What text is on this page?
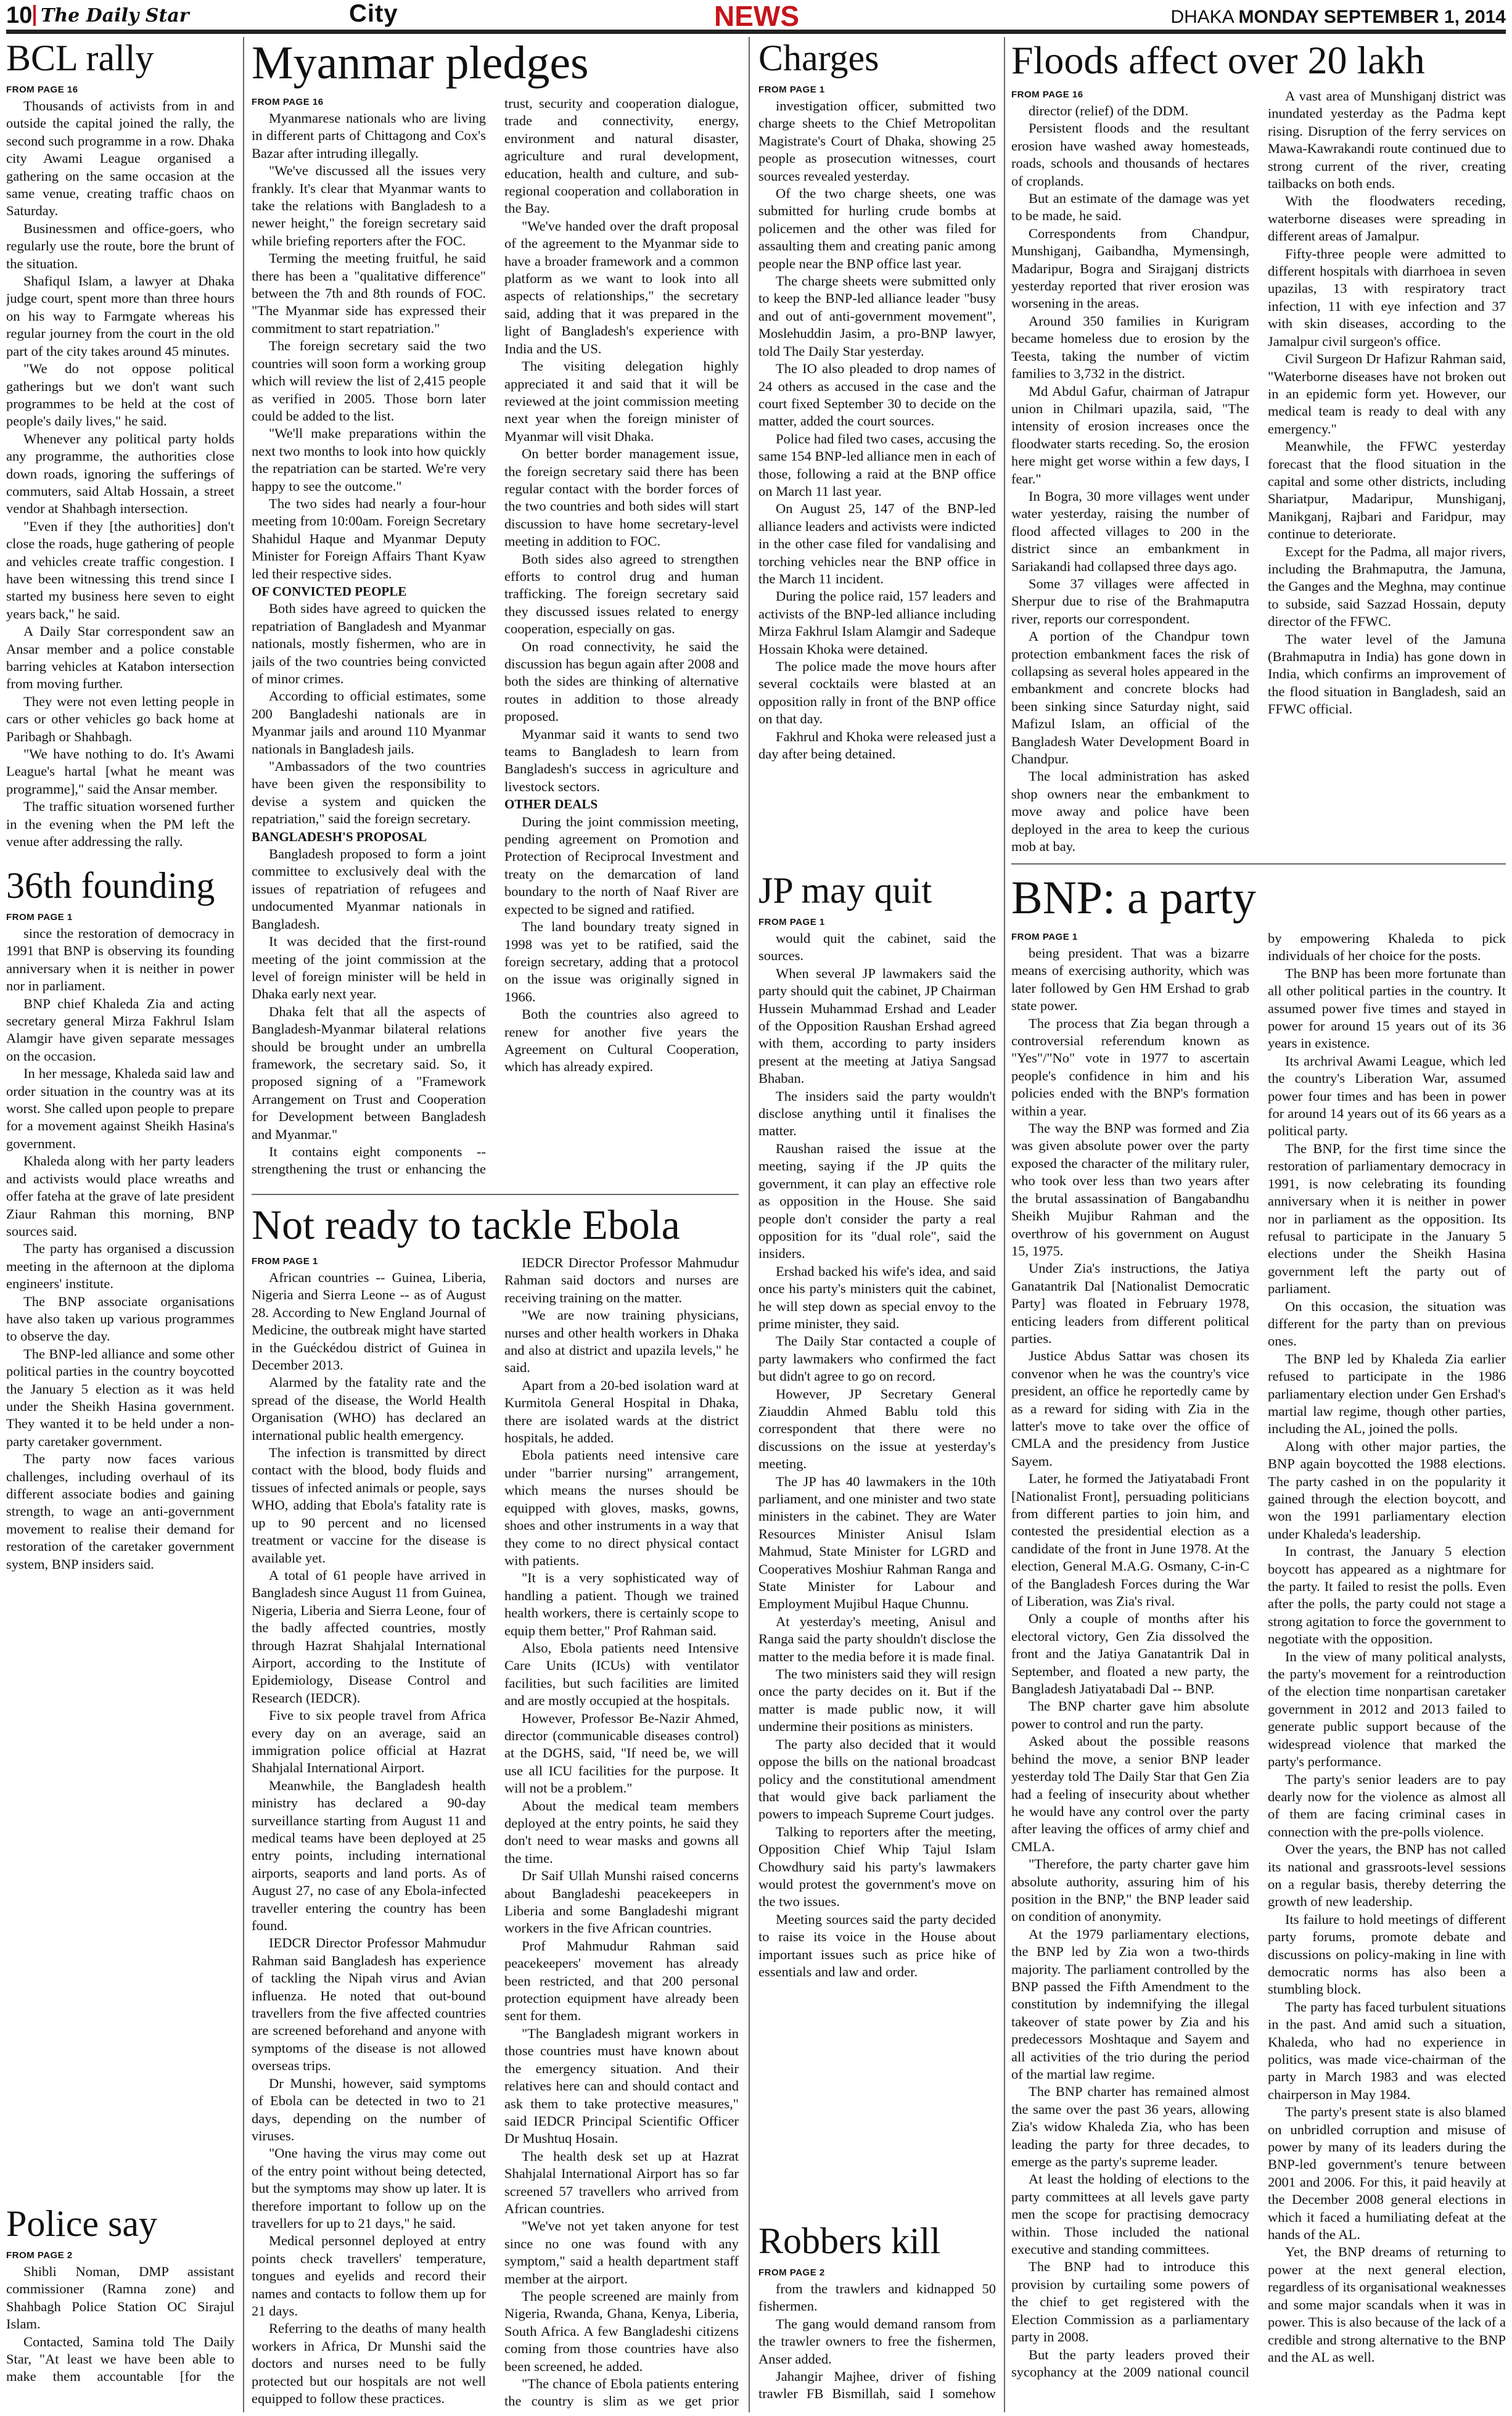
10 The Daily Star	City	NEWS	DHAKA MONDAY SEPTEMBER 1, 2014
BCL rally

FROM PAGE 16

Thousands of activists from in and outside the capital joined the rally, the second such programme in a row. Dhaka city Awami League organised a gathering on the same occasion at the same venue, creating traffic chaos on Saturday.

Businessmen and office-goers, who regularly use the route, bore the brunt of the situation.

Shafiqul Islam, a lawyer at Dhaka judge court, spent more than three hours on his way to Farmgate whereas his regular journey from the court in the old part of the city takes around 45 minutes.

"We do not oppose political gatherings but we don't want such programmes to be held at the cost of people's daily lives," he said.

Whenever any political party holds any programme, the authorities close down roads, ignoring the sufferings of commuters, said Altab Hossain, a street vendor at Shahbagh intersection.

"Even if they [the authorities] don't close the roads, huge gathering of people and vehicles create traffic congestion. I have been witnessing this trend since I started my business here seven to eight years back," he said.

A Daily Star correspondent saw an Ansar member and a police constable barring vehicles at Katabon intersection from moving further.

They were not even letting people in cars or other vehicles go back home at Paribagh or Shahbagh.

"We have nothing to do. It's Awami League's hartal [what he meant was programme]," said the Ansar member.

The traffic situation worsened further in the evening when the PM left the venue after addressing the rally.

36th founding

FROM PAGE 1

since the restoration of democracy in 1991 that BNP is observing its founding anniversary when it is neither in power nor in parliament.

BNP chief Khaleda Zia and acting secretary general Mirza Fakhrul Islam Alamgir have given separate messages on the occasion.

In her message, Khaleda said law and order situation in the country was at its worst. She called upon people to prepare for a movement against Sheikh Hasina's government.

Khaleda along with her party leaders and activists would place wreaths and offer fateha at the grave of late president Ziaur Rahman this morning, BNP sources said.

The party has organised a discussion meeting in the afternoon at the diploma engineers' institute.

The BNP associate organisations have also taken up various programmes to observe the day.

The BNP-led alliance and some other political parties in the country boycotted the January 5 election as it was held under the Sheikh Hasina government. They wanted it to be held under a non-party caretaker government.

The party now faces various challenges, including overhaul of its different associate bodies and gaining strength, to wage an anti-government movement to realise their demand for restoration of the caretaker government system, BNP insiders said.

Police say

FROM PAGE 2

Shibli Noman, DMP assistant commissioner (Ramna zone) and Shahbagh Police Station OC Sirajul Islam.

Contacted, Samina told The Daily Star, "At least we have been able to make them accountable [for the

Myanmar pledges

FROM PAGE 16

Myanmarese nationals who are living in different parts of Chittagong and Cox's Bazar after intruding illegally.

"We've discussed all the issues very frankly. It's clear that Myanmar wants to take the relations with Bangladesh to a newer height," the foreign secretary said while briefing reporters after the FOC.

Terming the meeting fruitful, he said there has been a "qualitative difference" between the 7th and 8th rounds of FOC. "The Myanmar side has expressed their commitment to start repatriation."

The foreign secretary said the two countries will soon form a working group which will review the list of 2,415 people as verified in 2005. Those born later could be added to the list.

"We'll make preparations within the next two months to look into how quickly the repatriation can be started. We're very happy to see the outcome."

The two sides had nearly a four-hour meeting from 10:00am. Foreign Secretary Shahidul Haque and Myanmar Deputy Minister for Foreign Affairs Thant Kyaw led their respective sides.

OF CONVICTED PEOPLE

Both sides have agreed to quicken the repatriation of Bangladesh and Myanmar nationals, mostly fishermen, who are in jails of the two countries being convicted of minor crimes.

According to official estimates, some 200 Bangladeshi nationals are in Myanmar jails and around 110 Myanmar nationals in Bangladesh jails.

"Ambassadors of the two countries have been given the responsibility to devise a system and quicken the repatriation," said the foreign secretary.

BANGLADESH'S PROPOSAL

Bangladesh proposed to form a joint committee to exclusively deal with the issues of repatriation of refugees and undocumented Myanmar nationals in Bangladesh.

It was decided that the first-round meeting of the joint commission at the level of foreign minister will be held in Dhaka early next year.

Dhaka felt that all the aspects of Bangladesh-Myanmar bilateral relations should be brought under an umbrella framework, the secretary said. So, it proposed signing of a "Framework Arrangement on Trust and Cooperation for Development between Bangladesh and Myanmar."

It contains eight components -- strengthening the trust or enhancing the trust, security and cooperation dialogue, trade and connectivity, energy, environment and natural disaster, agriculture and rural development, education, health and culture, and sub-regional cooperation and collaboration in the Bay.

"We've handed over the draft proposal of the agreement to the Myanmar side to have a broader framework and a common platform as we want to look into all aspects of relationships," the secretary said, adding that it was prepared in the light of Bangladesh's experience with India and the US.

The visiting delegation highly appreciated it and said that it will be reviewed at the joint commission meeting next year when the foreign minister of Myanmar will visit Dhaka.

On better border management issue, the foreign secretary said there has been regular contact with the border forces of the two countries and both sides will start discussion to have home secretary-level meeting in addition to FOC.

Both sides also agreed to strengthen efforts to control drug and human trafficking. The foreign secretary said they discussed issues related to energy cooperation, especially on gas.

On road connectivity, he said the discussion has begun again after 2008 and both the sides are thinking of alternative routes in addition to those already proposed.

Myanmar said it wants to send two teams to Bangladesh to learn from Bangladesh's success in agriculture and livestock sectors.

OTHER DEALS

During the joint commission meeting, pending agreement on Promotion and Protection of Reciprocal Investment and treaty on the demarcation of land boundary to the north of Naaf River are expected to be signed and ratified.

The land boundary treaty signed in 1998 was yet to be ratified, said the foreign secretary, adding that a protocol on the issue was originally signed in 1966.

Both the countries also agreed to renew for another five years the Agreement on Cultural Cooperation, which has already expired.

Not ready to tackle Ebola

FROM PAGE 1

African countries -- Guinea, Liberia, Nigeria and Sierra Leone -- as of August 28. According to New England Journal of Medicine, the outbreak might have started in the Guéckédou district of Guinea in December 2013.

Alarmed by the fatality rate and the spread of the disease, the World Health Organisation (WHO) has declared an international public health emergency.

The infection is transmitted by direct contact with the blood, body fluids and tissues of infected animals or people, says WHO, adding that Ebola's fatality rate is up to 90 percent and no licensed treatment or vaccine for the disease is available yet.

A total of 61 people have arrived in Bangladesh since August 11 from Guinea, Nigeria, Liberia and Sierra Leone, four of the badly affected countries, mostly through Hazrat Shahjalal International Airport, according to the Institute of Epidemiology, Disease Control and Research (IEDCR).

Five to six people travel from Africa every day on an average, said an immigration police official at Hazrat Shahjalal International Airport.

Meanwhile, the Bangladesh health ministry has declared a 90-day surveillance starting from August 11 and medical teams have been deployed at 25 entry points, including international airports, seaports and land ports. As of August 27, no case of any Ebola-infected traveller entering the country has been found.

IEDCR Director Professor Mahmudur Rahman said Bangladesh has experience of tackling the Nipah virus and Avian influenza. He noted that out-bound travellers from the five affected countries are screened beforehand and anyone with symptoms of the disease is not allowed overseas trips.

Dr Munshi, however, said symptoms of Ebola can be detected in two to 21 days, depending on the number of viruses.

"One having the virus may come out of the entry point without being detected, but the symptoms may show up later. It is therefore important to follow up on the travellers for up to 21 days," he said.

Medical personnel deployed at entry points check travellers' temperature, tongues and eyelids and record their names and contacts to follow them up for 21 days.

Referring to the deaths of many health workers in Africa, Dr Munshi said the doctors and nurses need to be fully protected but our hospitals are not well equipped to follow these practices.

IEDCR Director Professor Mahmudur Rahman said doctors and nurses are receiving training on the matter.

"We are now training physicians, nurses and other health workers in Dhaka and also at district and upazila levels," he said.

Apart from a 20-bed isolation ward at Kurmitola General Hospital in Dhaka, there are isolated wards at the district hospitals, he added.

Ebola patients need intensive care under "barrier nursing" arrangement, which means the nurses should be equipped with gloves, masks, gowns, shoes and other instruments in a way that they come to no direct physical contact with patients.

"It is a very sophisticated way of handling a patient. Though we trained health workers, there is certainly scope to equip them better," Prof Rahman said.

Also, Ebola patients need Intensive Care Units (ICUs) with ventilator facilities, but such facilities are limited and are mostly occupied at the hospitals.

However, Professor Be-Nazir Ahmed, director (communicable diseases control) at the DGHS, said, "If need be, we will use all ICU facilities for the purpose. It will not be a problem."

About the medical team members deployed at the entry points, he said they don't need to wear masks and gowns all the time.

Dr Saif Ullah Munshi raised concerns about Bangladeshi peacekeepers in Liberia and some Bangladeshi migrant workers in the five African countries.

Prof Mahmudur Rahman said peacekeepers' movement has already been restricted, and that 200 personal protection equipment have already been sent for them.

"The Bangladesh migrant workers in those countries must have known about the emergency situation. And their relatives here can and should contact and ask them to take protective measures," said IEDCR Principal Scientific Officer Dr Mushtuq Hosain.

The health desk set up at Hazrat Shahjalal International Airport has so far screened 57 travellers who arrived from African countries.

"We've not yet taken anyone for test since no one was found with any symptom," said a health department staff member at the airport.

The people screened are mainly from Nigeria, Rwanda, Ghana, Kenya, Liberia, South Africa. A few Bangladeshi citizens coming from those countries have also been screened, he added.

"The chance of Ebola patients entering the country is slim as we get prior

Charges

FROM PAGE 1

investigation officer, submitted two charge sheets to the Chief Metropolitan Magistrate's Court of Dhaka, showing 25 people as prosecution witnesses, court sources revealed yesterday.

Of the two charge sheets, one was submitted for hurling crude bombs at policemen and the other was filed for assaulting them and creating panic among people near the BNP office last year.

The charge sheets were submitted only to keep the BNP-led alliance leader "busy and out of anti-government movement", Moslehuddin Jasim, a pro-BNP lawyer, told The Daily Star yesterday.

The IO also pleaded to drop names of 24 others as accused in the case and the court fixed September 30 to decide on the matter, added the court sources.

Police had filed two cases, accusing the same 154 BNP-led alliance men in each of those, following a raid at the BNP office on March 11 last year.

On August 25, 147 of the BNP-led alliance leaders and activists were indicted in the other case filed for vandalising and torching vehicles near the BNP office in the March 11 incident.

During the police raid, 157 leaders and activists of the BNP-led alliance including Mirza Fakhrul Islam Alamgir and Sadeque Hossain Khoka were detained.

The police made the move hours after several cocktails were blasted at an opposition rally in front of the BNP office on that day.

Fakhrul and Khoka were released just a day after being detained.

JP may quit

FROM PAGE 1

would quit the cabinet, said the sources.

When several JP lawmakers said the party should quit the cabinet, JP Chairman Hussein Muhammad Ershad and Leader of the Opposition Raushan Ershad agreed with them, according to party insiders present at the meeting at Jatiya Sangsad Bhaban.

The insiders said the party wouldn't disclose anything until it finalises the matter.

Raushan raised the issue at the meeting, saying if the JP quits the government, it can play an effective role as opposition in the House. She said people don't consider the party a real opposition for its "dual role", said the insiders.

Ershad backed his wife's idea, and said once his party's ministers quit the cabinet, he will step down as special envoy to the prime minister, they said.

The Daily Star contacted a couple of party lawmakers who confirmed the fact but didn't agree to go on record.

However, JP Secretary General Ziauddin Ahmed Bablu told this correspondent that there were no discussions on the issue at yesterday's meeting.

The JP has 40 lawmakers in the 10th parliament, and one minister and two state ministers in the cabinet. They are Water Resources Minister Anisul Islam Mahmud, State Minister for LGRD and Cooperatives Moshiur Rahman Ranga and State Minister for Labour and Employment Mujibul Haque Chunnu.

At yesterday's meeting, Anisul and Ranga said the party shouldn't disclose the matter to the media before it is made final.

The two ministers said they will resign once the party decides on it. But if the matter is made public now, it will undermine their positions as ministers.

The party also decided that it would oppose the bills on the national broadcast policy and the constitutional amendment that would give back parliament the powers to impeach Supreme Court judges.

Talking to reporters after the meeting, Opposition Chief Whip Tajul Islam Chowdhury said his party's lawmakers would protest the government's move on the two issues.

Meeting sources said the party decided to raise its voice in the House about important issues such as price hike of essentials and law and order.

Robbers kill

FROM PAGE 2

from the trawlers and kidnapped 50 fishermen.

The gang would demand ransom from the trawler owners to free the fishermen, Anser added.

Jahangir Majhee, driver of fishing trawler FB Bismillah, said I somehow

Floods affect over 20 lakh

FROM PAGE 16

director (relief) of the DDM.

Persistent floods and the resultant erosion have washed away homesteads, roads, schools and thousands of hectares of croplands.

But an estimate of the damage was yet to be made, he said.

Correspondents from Chandpur, Munshiganj, Gaibandha, Mymensingh, Madaripur, Bogra and Sirajganj districts yesterday reported that river erosion was worsening in the areas.

Around 350 families in Kurigram became homeless due to erosion by the Teesta, taking the number of victim families to 3,732 in the district.

Md Abdul Gafur, chairman of Jatrapur union in Chilmari upazila, said, "The intensity of erosion increases once the floodwater starts receding. So, the erosion here might get worse within a few days, I fear."

In Bogra, 30 more villages went under water yesterday, raising the number of flood affected villages to 200 in the district since an embankment in Sariakandi had collapsed three days ago.

Some 37 villages were affected in Sherpur due to rise of the Brahmaputra river, reports our correspondent.

A portion of the Chandpur town protection embankment faces the risk of collapsing as several holes appeared in the embankment and concrete blocks had been sinking since Saturday night, said Mafizul Islam, an official of the Bangladesh Water Development Board in Chandpur.

The local administration has asked shop owners near the embankment to move away and police have been deployed in the area to keep the curious mob at bay.

A vast area of Munshiganj district was inundated yesterday as the Padma kept rising. Disruption of the ferry services on Mawa-Kawrakandi route continued due to strong current of the river, creating tailbacks on both ends.

With the floodwaters receding, waterborne diseases were spreading in different areas of Jamalpur.

Fifty-three people were admitted to different hospitals with diarrhoea in seven upazilas, 13 with respiratory tract infection, 11 with eye infection and 37 with skin diseases, according to the Jamalpur civil surgeon's office.

Civil Surgeon Dr Hafizur Rahman said, "Waterborne diseases have not broken out in an epidemic form yet. However, our medical team is ready to deal with any emergency."

Meanwhile, the FFWC yesterday forecast that the flood situation in the capital and some other districts, including Shariatpur, Madaripur, Munshiganj, Manikganj, Rajbari and Faridpur, may continue to deteriorate.

Except for the Padma, all major rivers, including the Brahmaputra, the Jamuna, the Ganges and the Meghna, may continue to subside, said Sazzad Hossain, deputy director of the FFWC.

The water level of the Jamuna (Brahmaputra in India) has gone down in India, which confirms an improvement of the flood situation in Bangladesh, said an FFWC official.

BNP: a party

FROM PAGE 1

being president. That was a bizarre means of exercising authority, which was later followed by Gen HM Ershad to grab state power.

The process that Zia began through a controversial referendum known as "Yes"/"No" vote in 1977 to ascertain people's confidence in him and his policies ended with the BNP's formation within a year.

The way the BNP was formed and Zia was given absolute power over the party exposed the character of the military ruler, who took over less than two years after the brutal assassination of Bangabandhu Sheikh Mujibur Rahman and the overthrow of his government on August 15, 1975.

Under Zia's instructions, the Jatiya Ganatantrik Dal [Nationalist Democratic Party] was floated in February 1978, enticing leaders from different political parties.

Justice Abdus Sattar was chosen its convenor when he was the country's vice president, an office he reportedly came by as a reward for siding with Zia in the latter's move to take over the office of CMLA and the presidency from Justice Sayem.

Later, he formed the Jatiyatabadi Front [Nationalist Front], persuading politicians from different parties to join him, and contested the presidential election as a candidate of the front in June 1978. At the election, General M.A.G. Osmany, C-in-C of the Bangladesh Forces during the War of Liberation, was Zia's rival.

Only a couple of months after his electoral victory, Gen Zia dissolved the front and the Jatiya Ganatantrik Dal in September, and floated a new party, the Bangladesh Jatiyatabadi Dal -- BNP.

The BNP charter gave him absolute power to control and run the party.

Asked about the possible reasons behind the move, a senior BNP leader yesterday told The Daily Star that Gen Zia had a feeling of insecurity about whether he would have any control over the party after leaving the offices of army chief and CMLA.

"Therefore, the party charter gave him absolute authority, assuring him of his position in the BNP," the BNP leader said on condition of anonymity.

At the 1979 parliamentary elections, the BNP led by Zia won a two-thirds majority. The parliament controlled by the BNP passed the Fifth Amendment to the constitution by indemnifying the illegal takeover of state power by Zia and his predecessors Moshtaque and Sayem and all activities of the trio during the period of the martial law regime.

The BNP charter has remained almost the same over the past 36 years, allowing Zia's widow Khaleda Zia, who has been leading the party for three decades, to emerge as the party's supreme leader.

At least the holding of elections to the party committees at all levels gave party men the scope for practising democracy within. Those included the national executive and standing committees.

The BNP had to introduce this provision by curtailing some powers of the chief to get registered with the Election Commission as a parliamentary party in 2008.

But the party leaders proved their sycophancy at the 2009 national council by empowering Khaleda to pick individuals of her choice for the posts.

The BNP has been more fortunate than all other political parties in the country. It assumed power five times and stayed in power for around 15 years out of its 36 years in existence.

Its archrival Awami League, which led the country's Liberation War, assumed power four times and has been in power for around 14 years out of its 66 years as a political party.

The BNP, for the first time since the restoration of parliamentary democracy in 1991, is now celebrating its founding anniversary when it is neither in power nor in parliament as the opposition. Its refusal to participate in the January 5 elections under the Sheikh Hasina government left the party out of parliament.

On this occasion, the situation was different for the party than on previous ones.

The BNP led by Khaleda Zia earlier refused to participate in the 1986 parliamentary election under Gen Ershad's martial law regime, though other parties, including the AL, joined the polls.

Along with other major parties, the BNP again boycotted the 1988 elections. The party cashed in on the popularity it gained through the election boycott, and won the 1991 parliamentary election under Khaleda's leadership.

In contrast, the January 5 election boycott has appeared as a nightmare for the party. It failed to resist the polls. Even after the polls, the party could not stage a strong agitation to force the government to negotiate with the opposition.

In the view of many political analysts, the party's movement for a reintroduction of the election time nonpartisan caretaker government in 2012 and 2013 failed to generate public support because of the widespread violence that marked the party's performance.

The party's senior leaders are to pay dearly now for the violence as almost all of them are facing criminal cases in connection with the pre-polls violence.

Over the years, the BNP has not called its national and grassroots-level sessions on a regular basis, thereby deterring the growth of new leadership.

Its failure to hold meetings of different party forums, promote debate and discussions on policy-making in line with democratic norms has also been a stumbling block.

The party has faced turbulent situations in the past. And amid such a situation, Khaleda, who had no experience in politics, was made vice-chairman of the party in March 1983 and was elected chairperson in May 1984.

The party's present state is also blamed on unbridled corruption and misuse of power by many of its leaders during the BNP-led government's tenure between 2001 and 2006. For this, it paid heavily at the December 2008 general elections in which it faced a humiliating defeat at the hands of the AL.

Yet, the BNP dreams of returning to power at the next general election, regardless of its organisational weaknesses and some major scandals when it was in power. This is also because of the lack of a credible and strong alternative to the BNP and the AL as well.
